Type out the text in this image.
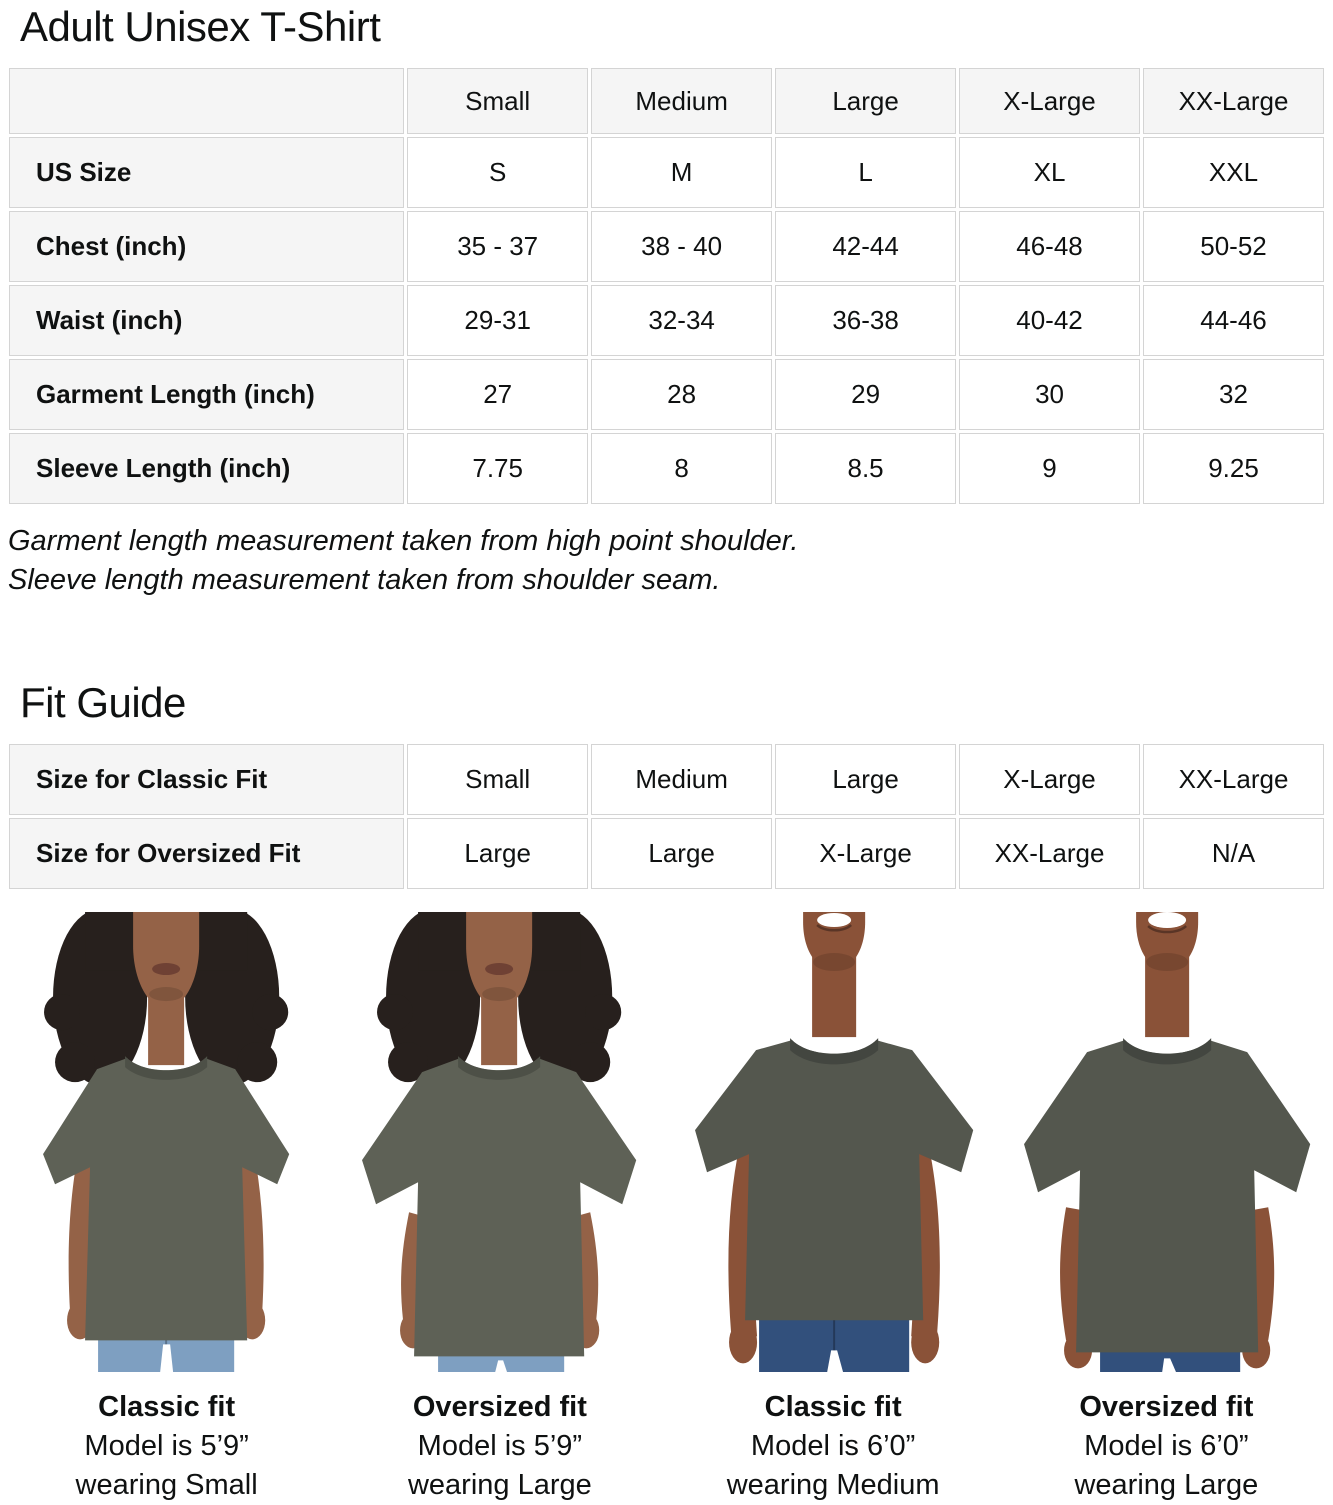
Adult Unisex T-Shirt
	Small	Medium	Large	X-Large	XX-Large
US Size	S	M	L	XL	XXL
Chest (inch)	35 - 37	38 - 40	42-44	46-48	50-52
Waist (inch)	29-31	32-34	36-38	40-42	44-46
Garment Length (inch)	27	28	29	30	32
Sleeve Length (inch)	7.75	8	8.5	9	9.25
Garment length measurement taken from high point shoulder.
Sleeve length measurement taken from shoulder seam.
Fit Guide
Size for Classic Fit	Small	Medium	Large	X-Large	XX-Large
Size for Oversized Fit	Large	Large	X-Large	XX-Large	N/A
Classic fit
Model is 5’9”
wearing Small
Oversized fit
Model is 5’9”
wearing Large
Classic fit
Model is 6’0”
wearing Medium
Oversized fit
Model is 6’0”
wearing Large
